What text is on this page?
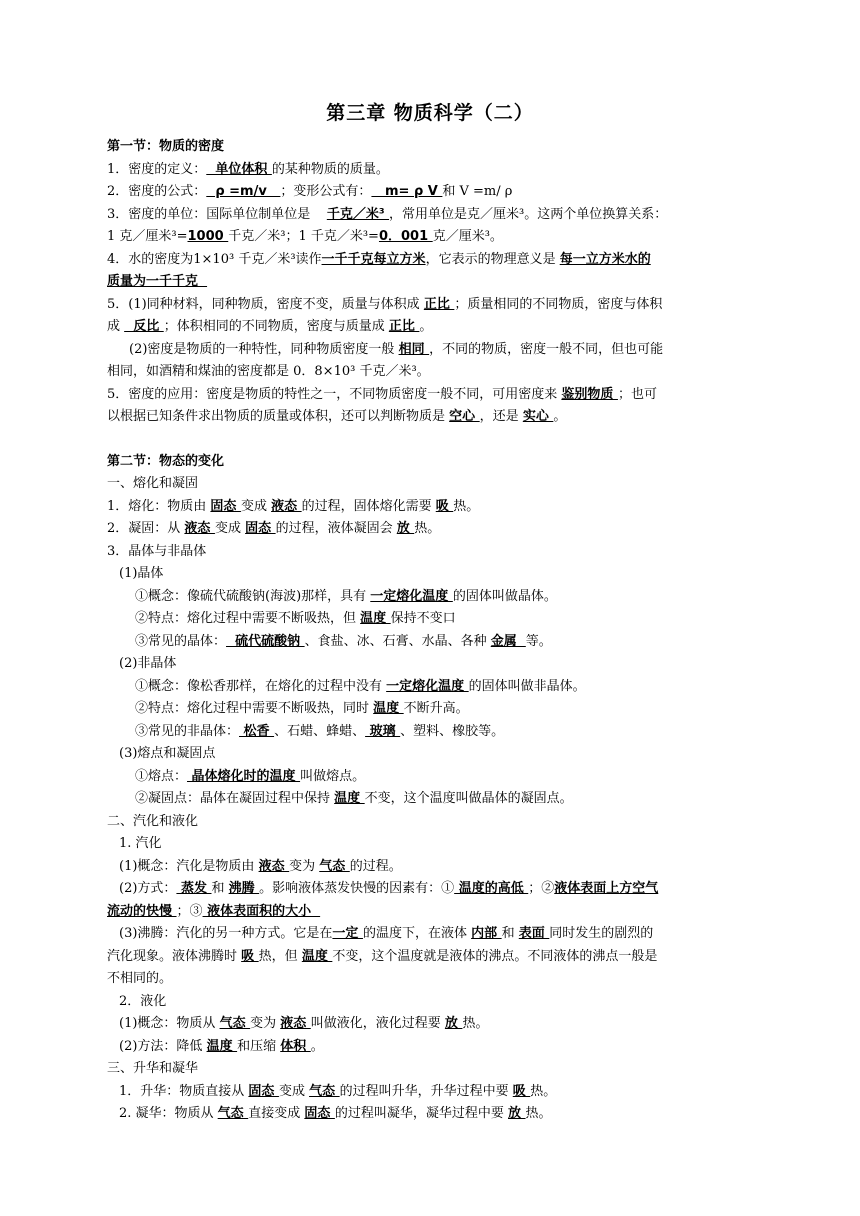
第三章 物质科学（二）
第一节：物质的密度
1．密度的定义：  单位体积 的某种物质的质量。
2．密度的公式：  ρ =m/v   ；变形公式有：   m= ρ V 和 V =m/ ρ
3．密度的单位：国际单位制单位是    千克／米³ ，常用单位是克／厘米³。这两个单位换算关系：
1 克／厘米³=1000 千克／米³；1 千克／米³=0．001 克／厘米³。
4．水的密度为1×10³ 千克／米³读作一千千克每立方米，它表示的物理意义是 每一立方米水的
质量为一千千克
5．(1)同种材料，同种物质，密度不变，质量与体积成 正比 ；质量相同的不同物质，密度与体积
成   反比 ；体积相同的不同物质，密度与质量成 正比 。
(2)密度是物质的一种特性，同种物质密度一般 相同 ，不同的物质，密度一般不同，但也可能
相同，如酒精和煤油的密度都是 0．8×10³ 千克／米³。
5．密度的应用：密度是物质的特性之一，不同物质密度一般不同，可用密度来 鉴别物质 ；也可
以根据已知条件求出物质的质量或体积，还可以判断物质是 空心 ，还是 实心 。
第二节：物态的变化
一、熔化和凝固
1．熔化：物质由 固态 变成 液态 的过程，固体熔化需要 吸 热。
2．凝固：从 液态 变成 固态 的过程，液体凝固会 放 热。
3．晶体与非晶体
(1)晶体
①概念：像硫代硫酸钠(海波)那样，具有 一定熔化温度 的固体叫做晶体。
②特点：熔化过程中需要不断吸热，但 温度 保持不变口
③常见的晶体：  硫代硫酸钠 、食盐、冰、石膏、水晶、各种 金属  等。
(2)非晶体
①概念：像松香那样，在熔化的过程中没有 一定熔化温度 的固体叫做非晶体。
②特点：熔化过程中需要不断吸热，同时 温度 不断升高。
③常见的非晶体： 松香 、石蜡、蜂蜡、 玻璃 、塑料、橡胶等。
(3)熔点和凝固点
①熔点： 晶体熔化时的温度 叫做熔点。
②凝固点：晶体在凝固过程中保持 温度 不变，这个温度叫做晶体的凝固点。
二、汽化和液化
1. 汽化
(1)概念：汽化是物质由 液态 变为 气态 的过程。
(2)方式： 蒸发 和 沸腾 。影响液体蒸发快慢的因素有：① 温度的高低 ；②液体表面上方空气
流动的快慢 ；③ 液体表面积的大小
(3)沸腾：汽化的另一种方式。它是在一定 的温度下，在液体 内部 和 表面 同时发生的剧烈的
汽化现象。液体沸腾时 吸 热，但 温度 不变，这个温度就是液体的沸点。不同液体的沸点一般是
不相同的。
2．液化
(1)概念：物质从 气态 变为 液态 叫做液化，液化过程要 放 热。
(2)方法：降低 温度 和压缩 体积 。
三、升华和凝华
1．升华：物质直接从 固态 变成 气态 的过程叫升华，升华过程中要 吸 热。
2. 凝华：物质从 气态 直接变成 固态 的过程叫凝华，凝华过程中要 放 热。
